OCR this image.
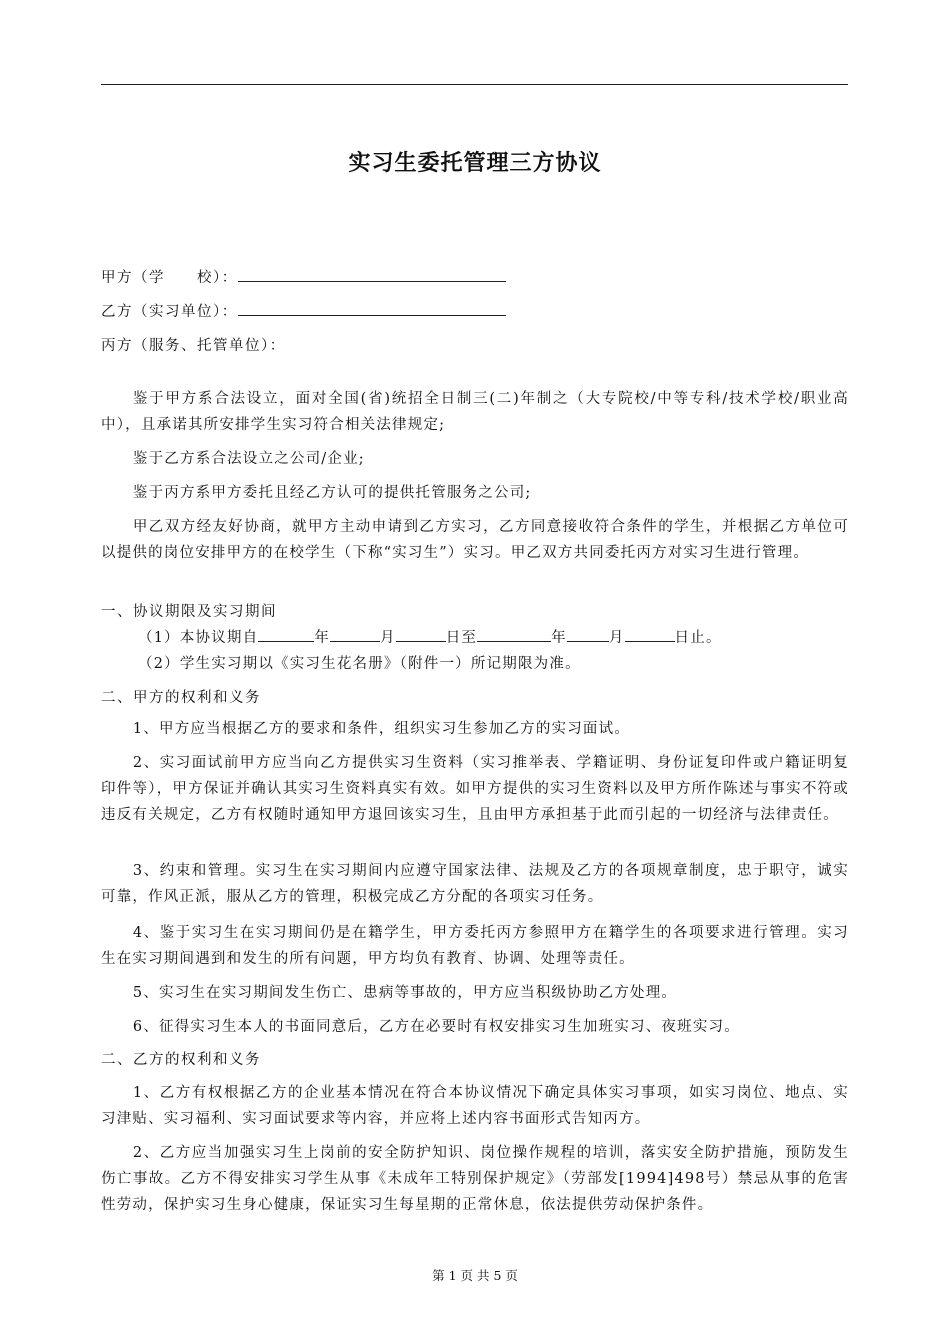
实习生委托管理三方协议
甲方（学　　校）：
乙方（实习单位）：
丙方（服务、托管单位）：
鉴于甲方系合法设立，面对全国(省)统招全日制三(二)年制之（大专院校/中等专科/技术学校/职业高中），且承诺其所安排学生实习符合相关法律规定;
鉴于乙方系合法设立之公司/企业;
鉴于丙方系甲方委托且经乙方认可的提供托管服务之公司;
甲乙双方经友好协商，就甲方主动申请到乙方实习，乙方同意接收符合条件的学生，并根据乙方单位可以提供的岗位安排甲方的在校学生（下称“实习生”）实习。甲乙双方共同委托丙方对实习生进行管理。
一、协议期限及实习期间
（1）本协议期自	年	月	日至	年	月	日止。
（2）学生实习期以《实习生花名册》（附件一）所记期限为准。
二、甲方的权利和义务
1、甲方应当根据乙方的要求和条件，组织实习生参加乙方的实习面试。
2、实习面试前甲方应当向乙方提供实习生资料（实习推举表、学籍证明、身份证复印件或户籍证明复印件等），甲方保证并确认其实习生资料真实有效。如甲方提供的实习生资料以及甲方所作陈述与事实不符或违反有关规定，乙方有权随时通知甲方退回该实习生，且由甲方承担基于此而引起的一切经济与法律责任。
3、约束和管理。实习生在实习期间内应遵守国家法律、法规及乙方的各项规章制度，忠于职守，诚实可靠，作风正派，服从乙方的管理，积极完成乙方分配的各项实习任务。
4、鉴于实习生在实习期间仍是在籍学生，甲方委托丙方参照甲方在籍学生的各项要求进行管理。实习生在实习期间遇到和发生的所有问题，甲方均负有教育、协调、处理等责任。
5、实习生在实习期间发生伤亡、患病等事故的，甲方应当积级协助乙方处理。
6、征得实习生本人的书面同意后，乙方在必要时有权安排实习生加班实习、夜班实习。
二、乙方的权利和义务
1、乙方有权根据乙方的企业基本情况在符合本协议情况下确定具体实习事项，如实习岗位、地点、实习津贴、实习福利、实习面试要求等内容，并应将上述内容书面形式告知丙方。
2、乙方应当加强实习生上岗前的安全防护知识、岗位操作规程的培训，落实安全防护措施，预防发生伤亡事故。乙方不得安排实习学生从事《未成年工特别保护规定》（劳部发[1994]498号）禁忌从事的危害性劳动，保护实习生身心健康，保证实习生每星期的正常休息，依法提供劳动保护条件。
第 1 页 共 5 页
